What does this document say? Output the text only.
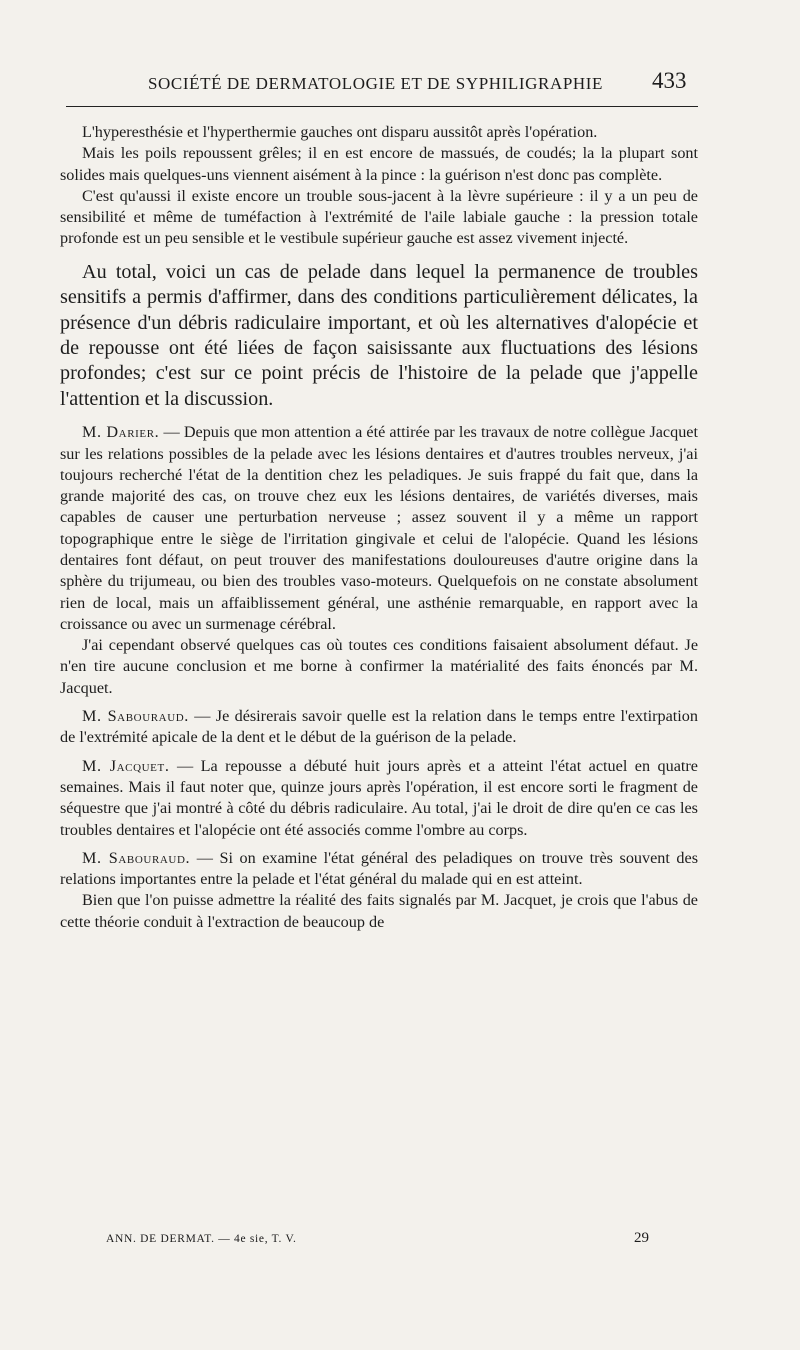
SOCIÉTÉ DE DERMATOLOGIE ET DE SYPHILIGRAPHIE 433

L'hyperesthésie et l'hyperthermie gauches ont disparu aussitôt après l'opération.

Mais les poils repoussent grêles; il en est encore de massués, de coudés; la la plupart sont solides mais quelques-uns viennent aisément à la pince : la guérison n'est donc pas complète.

C'est qu'aussi il existe encore un trouble sous-jacent à la lèvre supérieure : il y a un peu de sensibilité et même de tuméfaction à l'extrémité de l'aile labiale gauche : la pression totale profonde est un peu sensible et le vestibule supérieur gauche est assez vivement injecté.

Au total, voici un cas de pelade dans lequel la permanence de troubles sensitifs a permis d'affirmer, dans des conditions particulièrement délicates, la présence d'un débris radiculaire important, et où les alternatives d'alopécie et de repousse ont été liées de façon saisissante aux fluctuations des lésions profondes; c'est sur ce point précis de l'histoire de la pelade que j'appelle l'attention et la discussion.

M. Darier. — Depuis que mon attention a été attirée par les travaux de notre collègue Jacquet sur les relations possibles de la pelade avec les lésions dentaires et d'autres troubles nerveux, j'ai toujours recherché l'état de la dentition chez les peladiques. Je suis frappé du fait que, dans la grande majorité des cas, on trouve chez eux les lésions dentaires, de variétés diverses, mais capables de causer une perturbation nerveuse ; assez souvent il y a même un rapport topographique entre le siège de l'irritation gingivale et celui de l'alopécie. Quand les lésions dentaires font défaut, on peut trouver des manifestations douloureuses d'autre origine dans la sphère du trijumeau, ou bien des troubles vaso-moteurs. Quelquefois on ne constate absolument rien de local, mais un affaiblissement général, une asthénie remarquable, en rapport avec la croissance ou avec un surmenage cérébral.

J'ai cependant observé quelques cas où toutes ces conditions faisaient absolument défaut. Je n'en tire aucune conclusion et me borne à confirmer la matérialité des faits énoncés par M. Jacquet.

M. Sabouraud. — Je désirerais savoir quelle est la relation dans le temps entre l'extirpation de l'extrémité apicale de la dent et le début de la guérison de la pelade.

M. Jacquet. — La repousse a débuté huit jours après et a atteint l'état actuel en quatre semaines. Mais il faut noter que, quinze jours après l'opération, il est encore sorti le fragment de séquestre que j'ai montré à côté du débris radiculaire. Au total, j'ai le droit de dire qu'en ce cas les troubles dentaires et l'alopécie ont été associés comme l'ombre au corps.

M. Sabouraud. — Si on examine l'état général des peladiques on trouve très souvent des relations importantes entre la pelade et l'état général du malade qui en est atteint.

Bien que l'on puisse admettre la réalité des faits signalés par M. Jacquet, je crois que l'abus de cette théorie conduit à l'extraction de beaucoup de

ANN. DE DERMAT. — 4e sie, T. V.	29
